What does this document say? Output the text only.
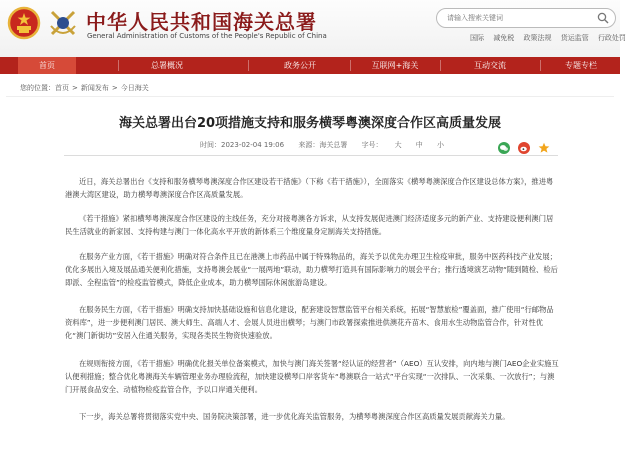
中华人民共和国海关总署
General Administration of Customs of the People's Republic of China
请输入搜索关键词	国际 减免税 政策法规 货运监管 行政处罚
首页	总署概况	政务公开	互联网+海关	互动交流	专题专栏
您的位置：首页 > 新闻发布 > 今日海关
海关总署出台20项措施支持和服务横琴粤澳深度合作区高质量发展
时间：2023-02-04 19:06 来源：海关总署 字号： 大 中 小

近日，海关总署出台《支持和服务横琴粤澳深度合作区建设若干措施》（下称《若干措施》），全面落实《横琴粤澳深度合作区建设总体方案》，推进粤港澳大湾区建设，助力横琴粤澳深度合作区高质量发展。

《若干措施》紧扣横琴粤澳深度合作区建设的主线任务，充分对接粤澳各方诉求，从支持发展促进澳门经济适度多元的新产业、支持建设便利澳门居民生活就业的新家园、支持构建与澳门一体化高水平开放的新体系三个维度量身定制海关支持措施。

在服务产业方面，《若干措施》明确对符合条件且已在港澳上市药品中属于特殊物品的，海关予以优先办理卫生检疫审批，服务中医药科技产业发展；优化多展出入境及展品通关便利化措施，支持粤澳会展业“一展两地”联动，助力横琴打造具有国际影响力的展会平台；推行透境演艺动物“随到随检、检后即派、全程监管”的检疫监管模式，降低企业成本，助力横琴国际休闲旅游岛建设。

在服务民生方面，《若干措施》明确支持加快基础设施和信息化建设，配套建设智慧监管平台相关系统，拓展“智慧旅检”覆盖面，推广使用“行邮物品资料库”，进一步便利澳门居民、澳大师生、高端人才、会展人员进出横琴；与澳门市政署探索推进供澳花卉苗木、食用水生动物监管合作，针对性优化“澳门新街坊”安居入住通关服务，实现各类民生物资快速验放。

在规则衔接方面，《若干措施》明确优化报关单位备案模式，加快与澳门海关签署“经认证的经营者”（AEO）互认安排，向内地与澳门AEO企业实施互认便利措施；整合优化粤澳海关车辆管理业务办理验流程，加快建设横琴口岸客货车“粤澳联合一站式”平台实现“一次排队、一次采集、一次放行”；与澳门开展食品安全、动植物检疫监管合作，予以口岸通关便利。

下一步，海关总署将贯彻落实党中央、国务院决策部署，进一步优化海关监管服务，为横琴粤澳深度合作区高质量发展贡献海关力量。
